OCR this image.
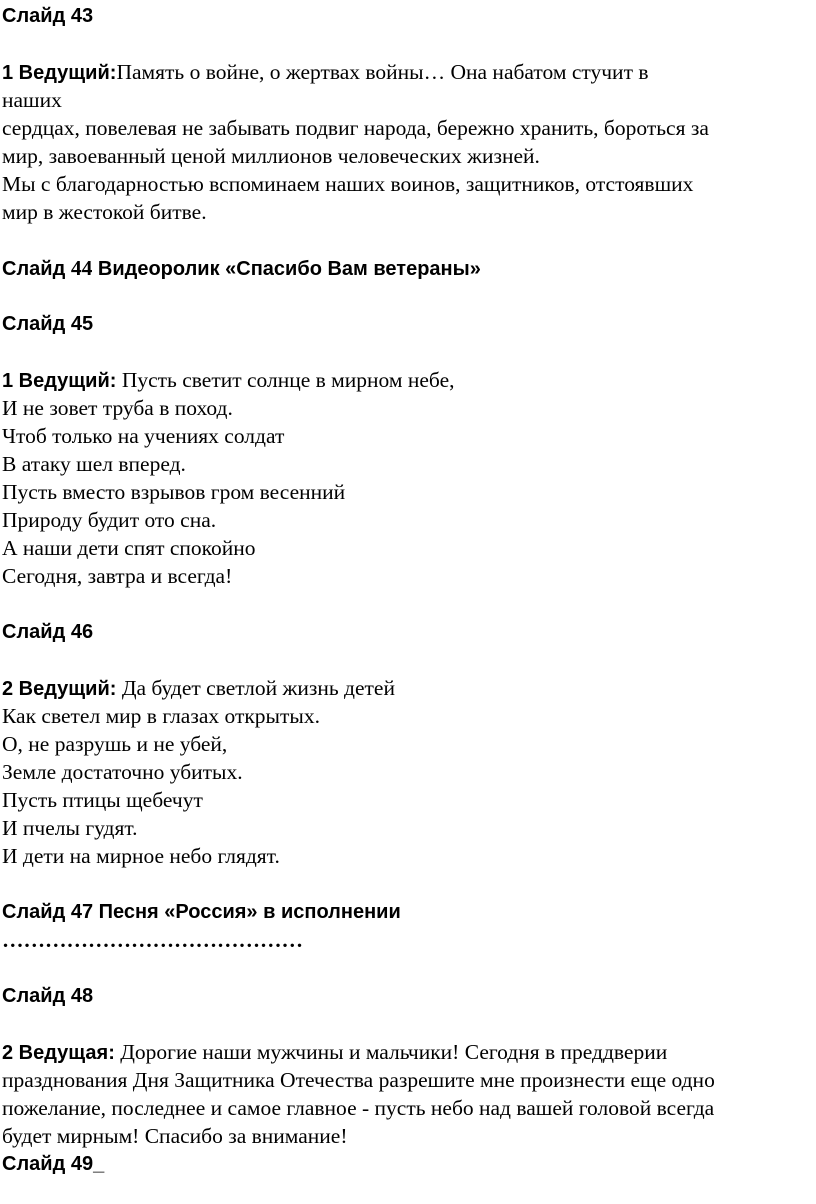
Слайд 43
1 Ведущий:Память о войне, о жертвах войны… Она набатом стучит в
наших
сердцах, повелевая не забывать подвиг народа, бережно хранить, бороться за
мир, завоеванный ценой миллионов человеческих жизней.
Мы с благодарностью вспоминаем наших воинов, защитников, отстоявших
мир в жестокой битве.
Слайд 44 Видеоролик «Спасибо Вам ветераны»
Слайд 45
1 Ведущий: Пусть светит солнце в мирном небе,
И не зовет труба в поход.
Чтоб только на учениях солдат
В атаку шел вперед.
Пусть вместо взрывов гром весенний
Природу будит ото сна.
А наши дети спят спокойно
Сегодня, завтра и всегда!
Слайд 46
2 Ведущий: Да будет светлой жизнь детей
Как светел мир в глазах открытых.
О, не разрушь и не убей,
Земле достаточно убитых.
Пусть птицы щебечут
И пчелы гудят.
И дети на мирное небо глядят.
Слайд 47 Песня «Россия» в исполнении
……………………………………
Слайд 48
2 Ведущая: Дорогие наши мужчины и мальчики! Сегодня в преддверии
празднования Дня Защитника Отечества разрешите мне произнести еще одно
пожелание, последнее и самое главное - пусть небо над вашей головой всегда
будет мирным! Спасибо за внимание!
Слайд 49_
